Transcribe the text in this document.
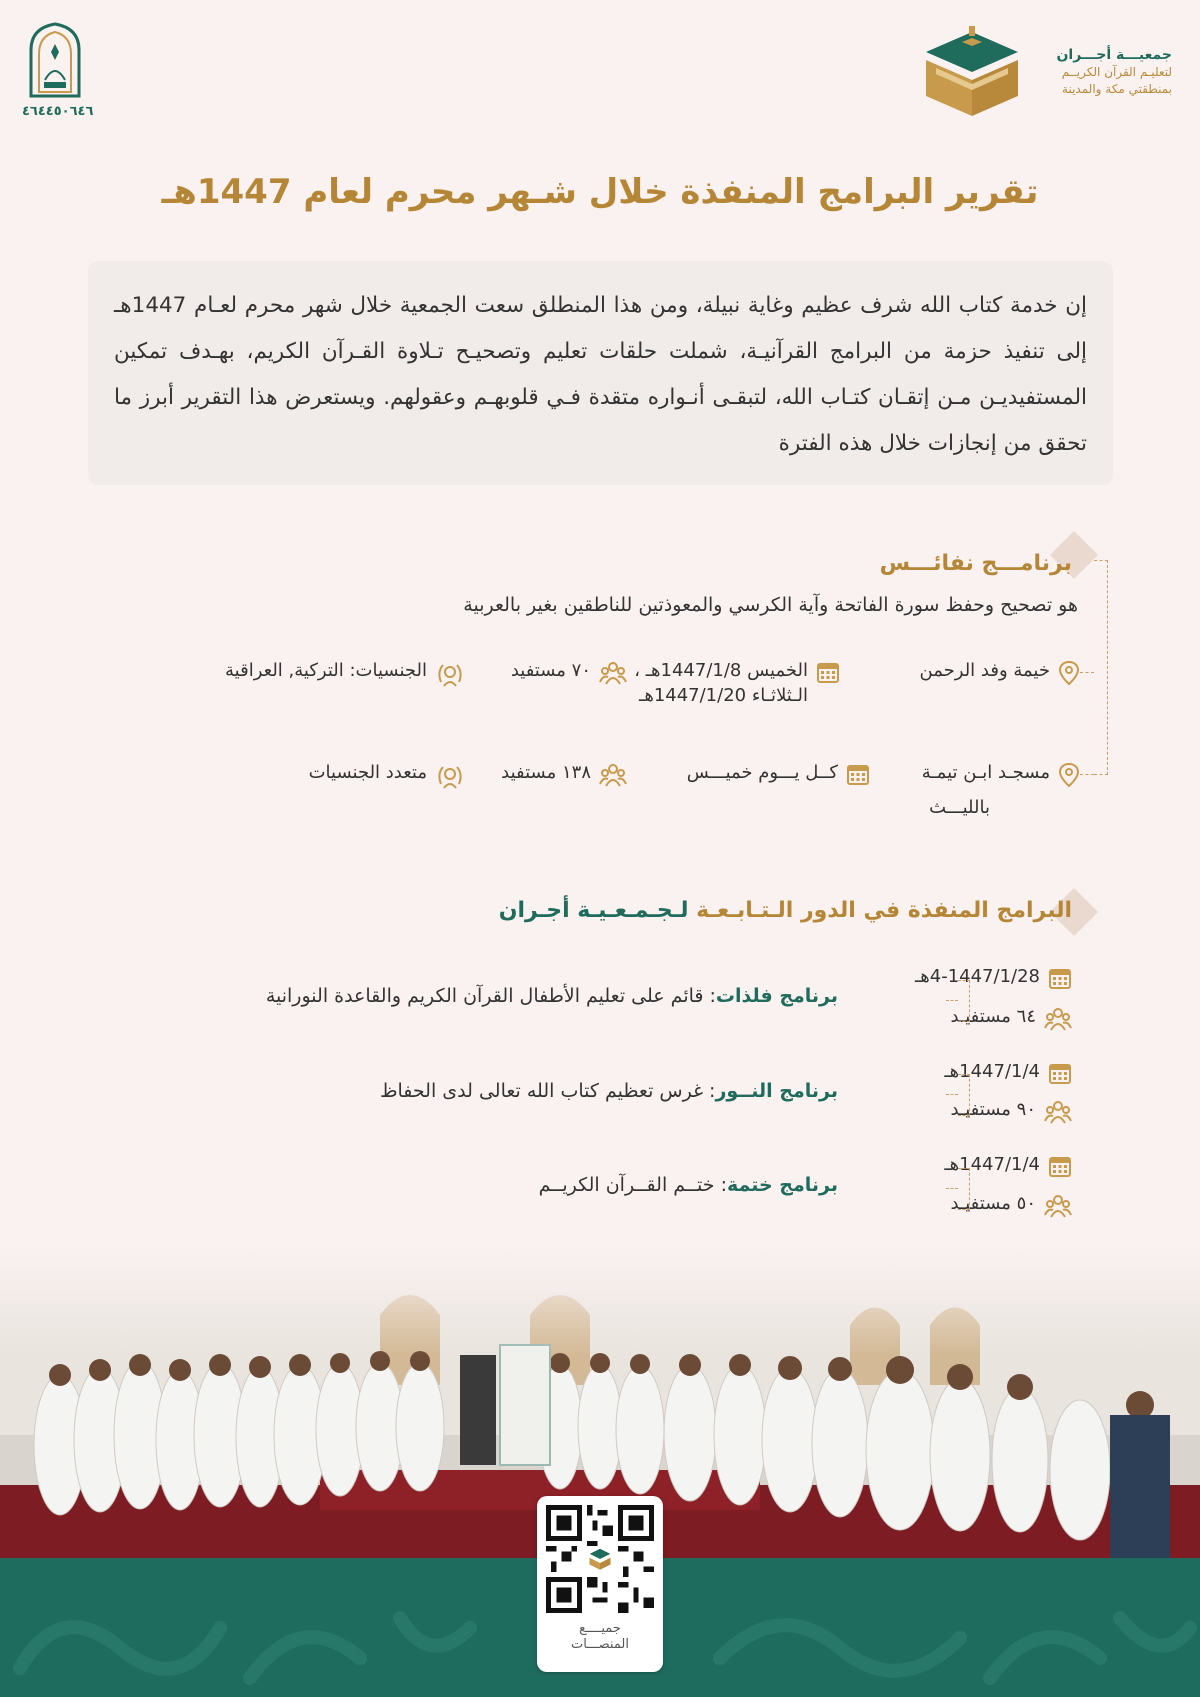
جمعيـــة أجـــران
لتعليـم القرآن الكريــم
بمنطقتي مكة والمدينة
٤٦٤٤٥٠٦٤٦
تقرير البرامج المنفذة خلال شـهر محرم لعام 1447هـ
إن خدمة كتاب الله شرف عظيم وغاية نبيلة، ومن هذا المنطلق سعت الجمعية خلال شهر محرم لعـام 1447هـ إلى تنفيذ حزمة من البرامج القرآنيـة، شملت حلقات تعليم وتصحيـح تـلاوة القـرآن الكريم، بهـدف تمكين المستفيديـن مـن إتقـان كتـاب الله، لتبقـى أنـواره متقدة فـي قلوبهـم وعقولهم. ويستعرض هذا التقرير أبرز ما تحقق من إنجازات خلال هذه الفترة
برنامـــج نفائـــس
هو تصحيح وحفظ سورة الفاتحة وآية الكرسي والمعوذتين للناطقين بغير بالعربية
خيمة وفد الرحمن
الخميس 1447/1/8هـ ،
الـثلاثـاء 1447/1/20هـ
٧٠ مستفيد
الجنسيات: التركية, العراقية
مسجـد ابـن تيمـة
بالليـــث
كــل يـــوم خميـــس
١٣٨ مستفيد
متعدد الجنسيات
البرامج المنفذة في الدور الـتـابـعـة لـجـمـعـيـة أجـران
4-1447/1/28هـ
٦٤ مستفيـد
برنامج فلذات: قائم على تعليم الأطفال القرآن الكريم والقاعدة النورانية
1447/1/4هـ
٩٠ مستفيـد
برنامج النــور: غرس تعظيم كتاب الله تعالى لدى الحفاظ
1447/1/4هـ
٥٠ مستفيـد
برنامج ختمة: ختــم القــرآن الكريــم
جميــــع
المنصـــات
